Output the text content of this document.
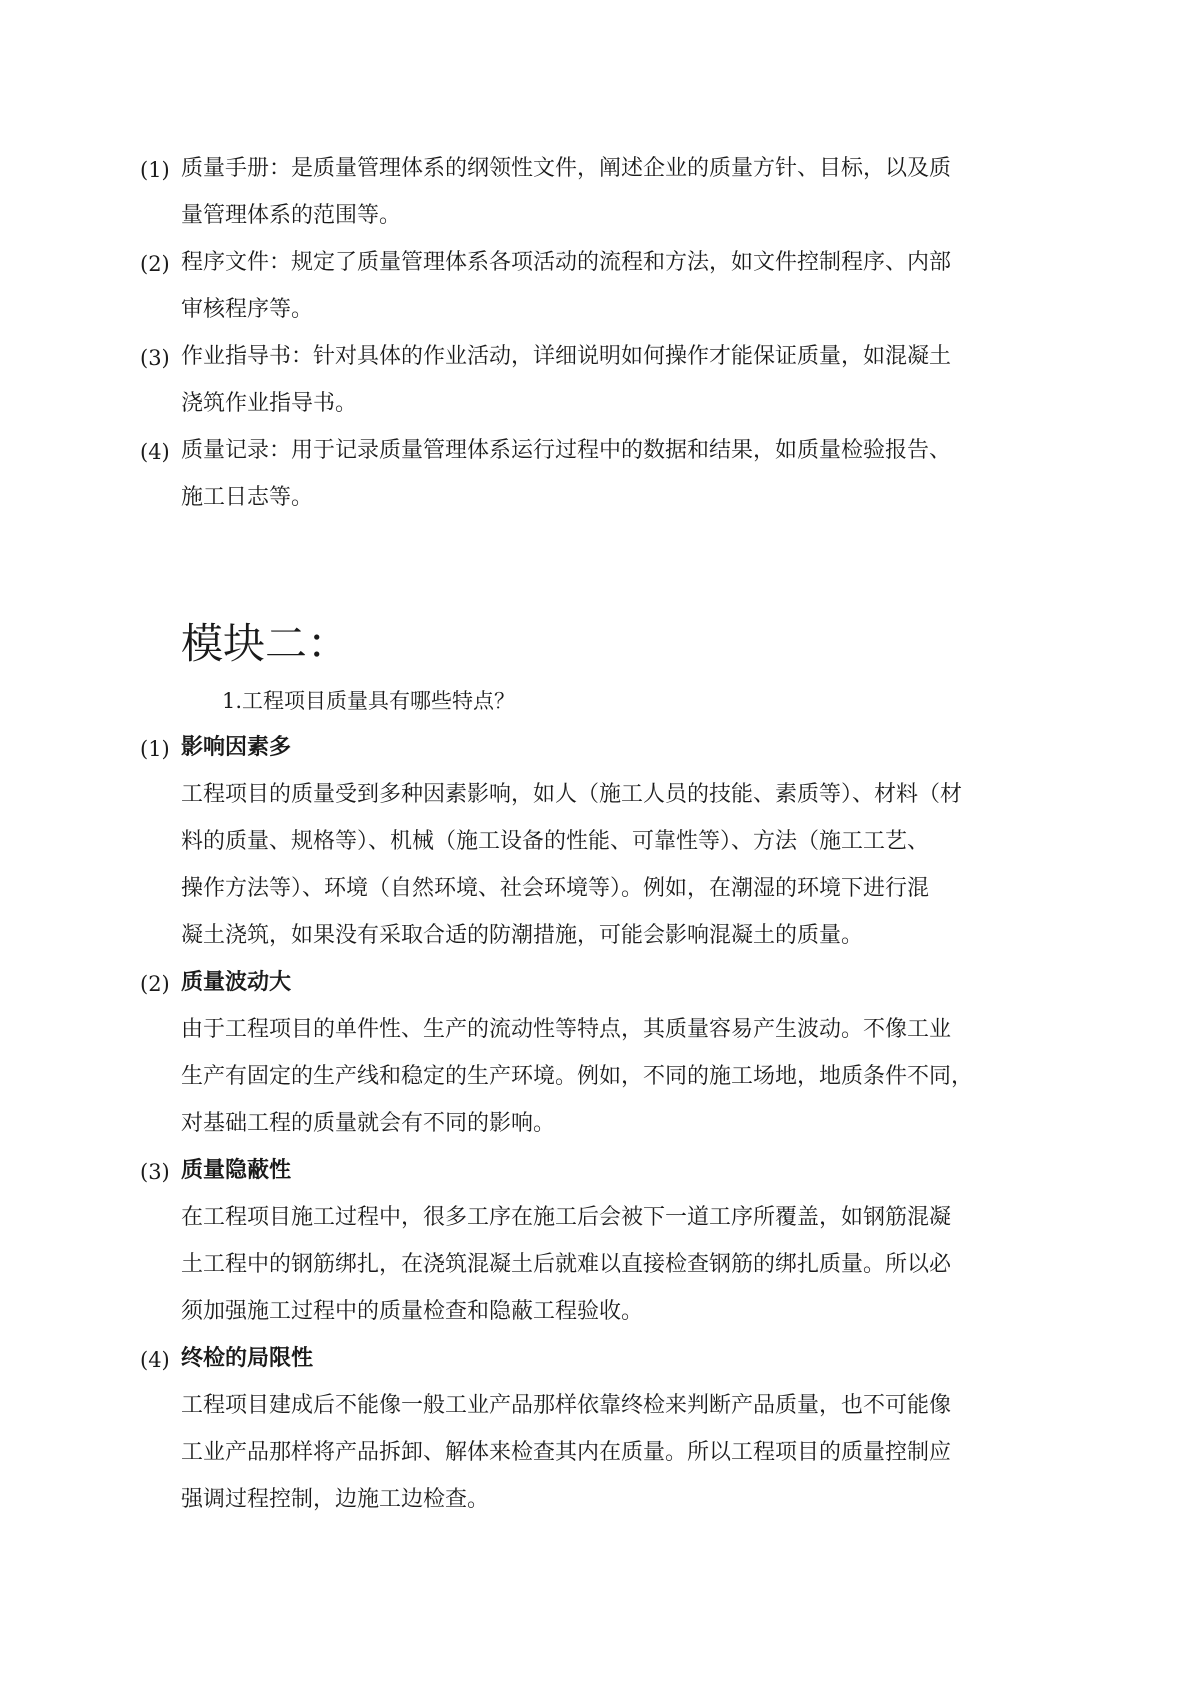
(1) 质量手册：是质量管理体系的纲领性文件，阐述企业的质量方针、目标，以及质
量管理体系的范围等。
(2) 程序文件：规定了质量管理体系各项活动的流程和方法，如文件控制程序、内部
审核程序等。
(3) 作业指导书：针对具体的作业活动，详细说明如何操作才能保证质量，如混凝土
浇筑作业指导书。
(4) 质量记录：用于记录质量管理体系运行过程中的数据和结果，如质量检验报告、
施工日志等。
模块二：
1.工程项目质量具有哪些特点？
(1) 影响因素多
工程项目的质量受到多种因素影响，如人（施工人员的技能、素质等）、材料（材
料的质量、规格等）、机械（施工设备的性能、可靠性等）、方法（施工工艺、
操作方法等）、环境（自然环境、社会环境等）。例如，在潮湿的环境下进行混
凝土浇筑，如果没有采取合适的防潮措施，可能会影响混凝土的质量。
(2) 质量波动大
由于工程项目的单件性、生产的流动性等特点，其质量容易产生波动。不像工业
生产有固定的生产线和稳定的生产环境。例如，不同的施工场地，地质条件不同，
对基础工程的质量就会有不同的影响。
(3) 质量隐蔽性
在工程项目施工过程中，很多工序在施工后会被下一道工序所覆盖，如钢筋混凝
土工程中的钢筋绑扎，在浇筑混凝土后就难以直接检查钢筋的绑扎质量。所以必
须加强施工过程中的质量检查和隐蔽工程验收。
(4) 终检的局限性
工程项目建成后不能像一般工业产品那样依靠终检来判断产品质量，也不可能像
工业产品那样将产品拆卸、解体来检查其内在质量。所以工程项目的质量控制应
强调过程控制，边施工边检查。
